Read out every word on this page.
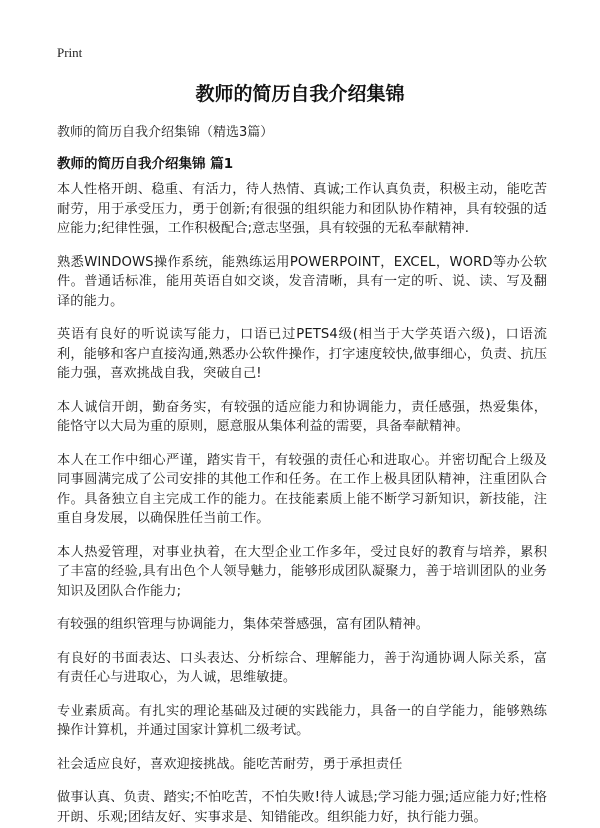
Print
教师的简历自我介绍集锦
教师的简历自我介绍集锦（精选3篇）
教师的简历自我介绍集锦 篇1

本人性格开朗、稳重、有活力，待人热情、真诚;工作认真负责，积极主动，能吃苦耐劳，用于承受压力，勇于创新;有很强的组织能力和团队协作精神，具有较强的适应能力;纪律性强，工作积极配合;意志坚强，具有较强的无私奉献精神.

熟悉WINDOWS操作系统，能熟练运用POWERPOINT，EXCEL，WORD等办公软件。普通话标准，能用英语自如交谈，发音清晰，具有一定的听、说、读、写及翻译的能力。

英语有良好的听说读写能力，口语已过PETS4级(相当于大学英语六级)，口语流利，能够和客户直接沟通,熟悉办公软件操作，打字速度较快,做事细心，负责、抗压能力强，喜欢挑战自我，突破自己!

本人诚信开朗，勤奋务实，有较强的适应能力和协调能力，责任感强，热爱集体，能恪守以大局为重的原则，愿意服从集体利益的需要，具备奉献精神。

本人在工作中细心严谨，踏实肯干，有较强的责任心和进取心。并密切配合上级及同事圆满完成了公司安排的其他工作和任务。在工作上极具团队精神，注重团队合作。具备独立自主完成工作的能力。在技能素质上能不断学习新知识，新技能，注重自身发展，以确保胜任当前工作。

本人热爱管理，对事业执着，在大型企业工作多年，受过良好的教育与培养，累积了丰富的经验,具有出色个人领导魅力，能够形成团队凝聚力，善于培训团队的业务知识及团队合作能力;

有较强的组织管理与协调能力，集体荣誉感强，富有团队精神。

有良好的书面表达、口头表达、分析综合、理解能力，善于沟通协调人际关系，富有责任心与进取心，为人诚，思维敏捷。

专业素质高。有扎实的理论基础及过硬的实践能力，具备一的自学能力，能够熟练操作计算机，并通过国家计算机二级考试。

社会适应良好，喜欢迎接挑战。能吃苦耐劳，勇于承担责任

做事认真、负责、踏实;不怕吃苦，不怕失败!待人诚恳;学习能力强;适应能力好;性格开朗、乐观;团结友好、实事求是、知错能改。组织能力好，执行能力强。
